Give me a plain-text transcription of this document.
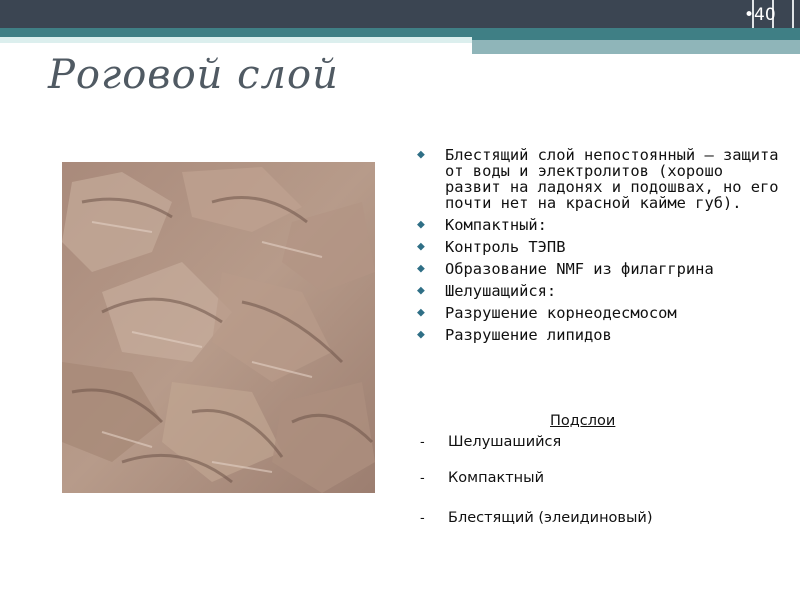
•40
Роговой слой
◆ Блестящий слой непостоянный – защита от воды и электролитов (хорошо развит на ладонях и подошвах, но его почти нет на красной кайме губ).
◆ Компактный:
◆ Контроль ТЭПВ
◆ Образование NMF из филаггрина
◆ Шелушащийся:
◆ Разрушение корнеодесмосом
◆ Разрушение липидов

Подслои

- Шелушашийся
- Компактный
- Блестящий (элеидиновый)
